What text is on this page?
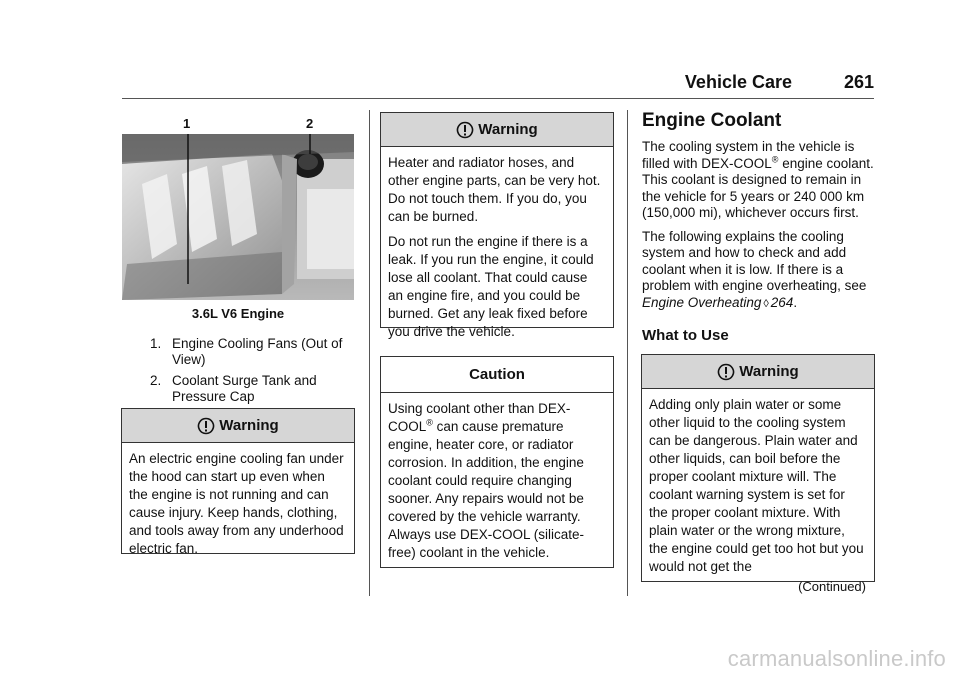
Vehicle Care	261
1	2
3.6L V6 Engine
1. Engine Cooling Fans (Out of View)
2. Coolant Surge Tank and Pressure Cap
Warning

An electric engine cooling fan under the hood can start up even when the engine is not running and can cause injury. Keep hands, clothing, and tools away from any underhood electric fan.

Warning

Heater and radiator hoses, and other engine parts, can be very hot. Do not touch them. If you do, you can be burned.

Do not run the engine if there is a leak. If you run the engine, it could lose all coolant. That could cause an engine fire, and you could be burned. Get any leak fixed before you drive the vehicle.

Caution

Using coolant other than DEX-COOL® can cause premature engine, heater core, or radiator corrosion. In addition, the engine coolant could require changing sooner. Any repairs would not be covered by the vehicle warranty. Always use DEX-COOL (silicate-free) coolant in the vehicle.

Engine Coolant

The cooling system in the vehicle is filled with DEX-COOL® engine coolant. This coolant is designed to remain in the vehicle for 5 years or 240 000 km (150,000 mi), whichever occurs first.

The following explains the cooling system and how to check and add coolant when it is low. If there is a problem with engine overheating, see Engine Overheating ◊ 264.

What to Use
Warning

Adding only plain water or some other liquid to the cooling system can be dangerous. Plain water and other liquids, can boil before the proper coolant mixture will. The coolant warning system is set for the proper coolant mixture. With plain water or the wrong mixture, the engine could get too hot but you would not get the

(Continued)
carmanualsonline.info
